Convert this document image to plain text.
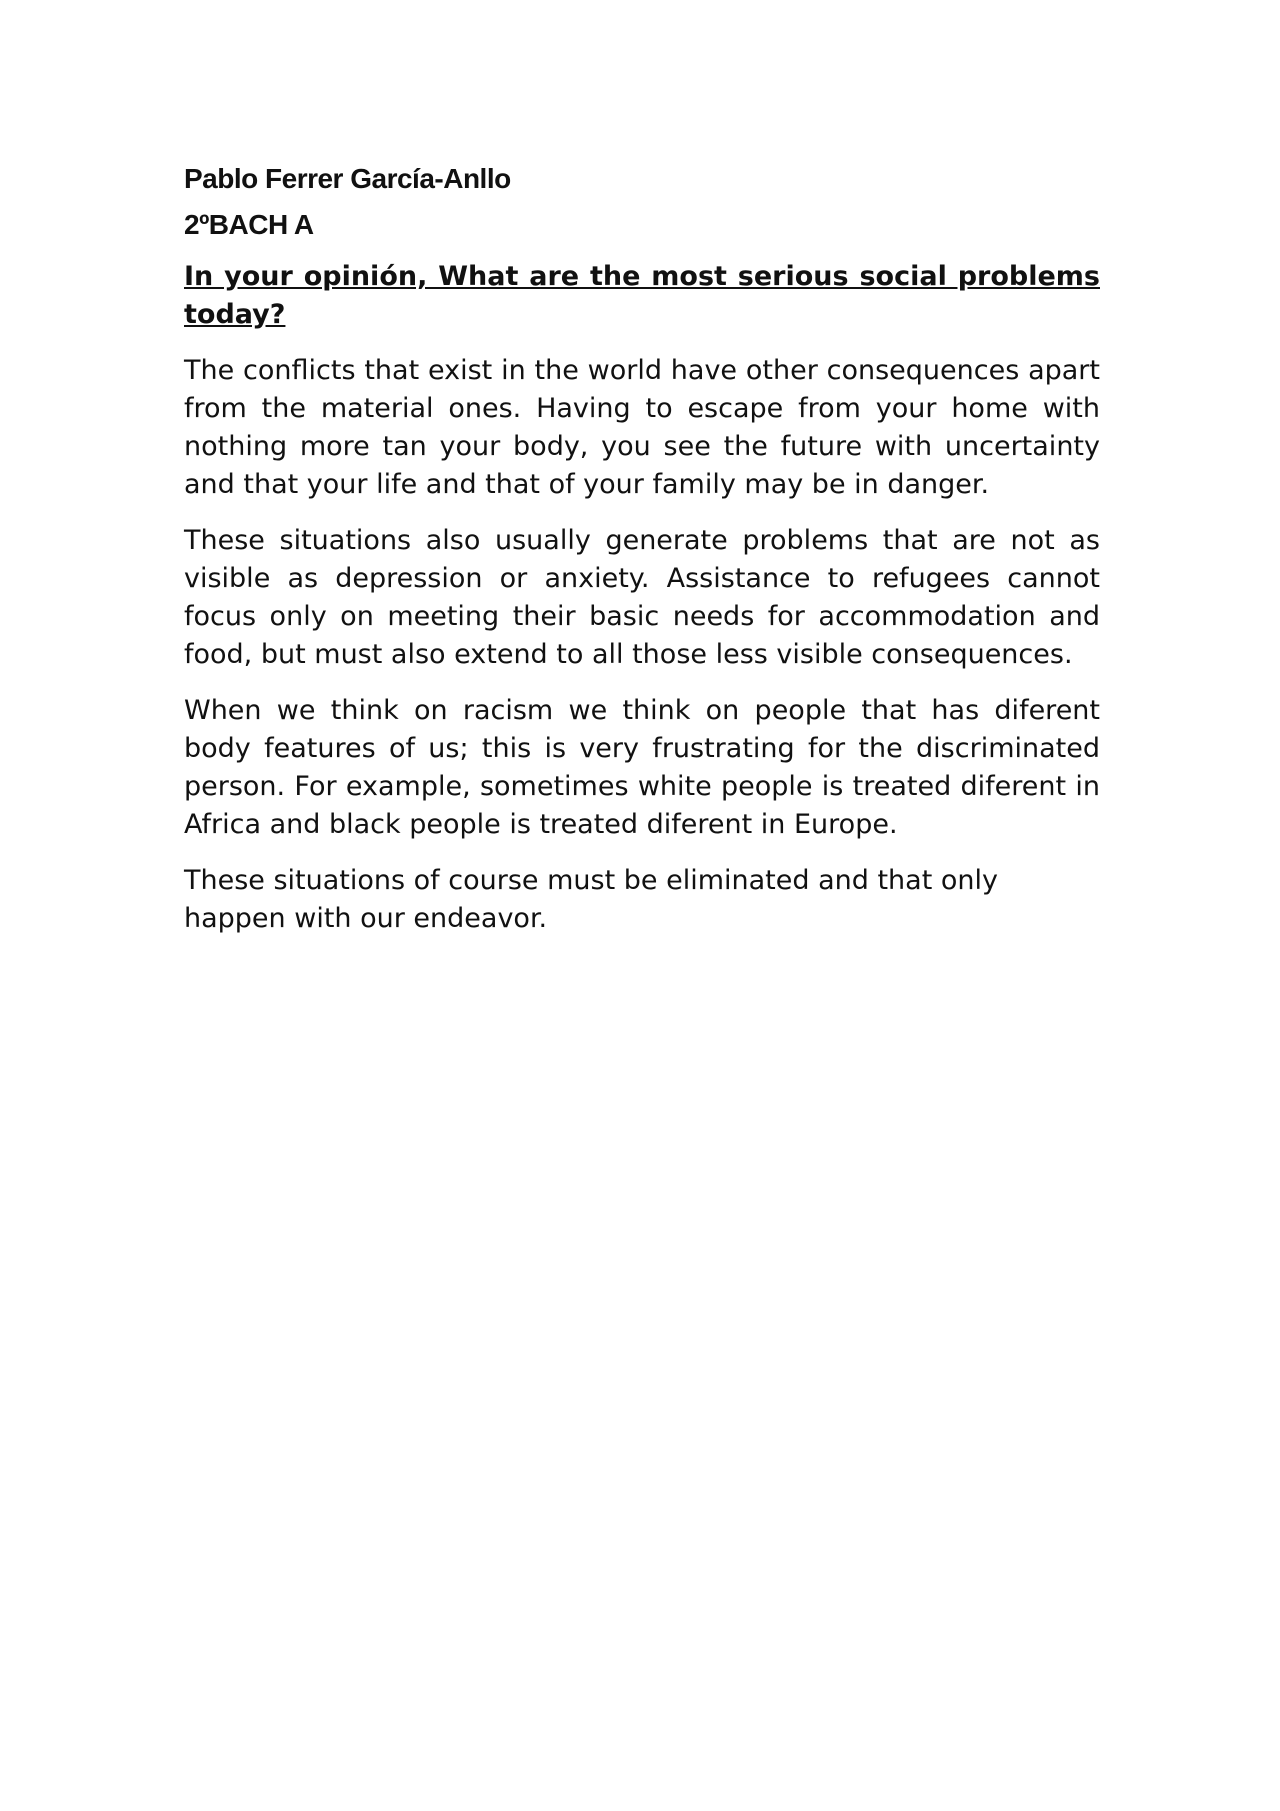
Pablo Ferrer García-Anllo

2ºBACH A

In your opinión, What are the most serious social problems today?

The conflicts that exist in the world have other consequences apart from the material ones. Having to escape from your home with nothing more tan your body, you see the future with uncertainty and that your life and that of your family may be in danger.

These situations also usually generate problems that are not as visible as depression or anxiety. Assistance to refugees cannot focus only on meeting their basic needs for accommodation and food, but must also extend to all those less visible consequences.

When we think on racism we think on people that has diferent body features of us; this is very frustrating for the discriminated person. For example, sometimes white people is treated diferent in Africa and black people is treated diferent in Europe.

These situations of course must be eliminated and that only happen with our endeavor.
